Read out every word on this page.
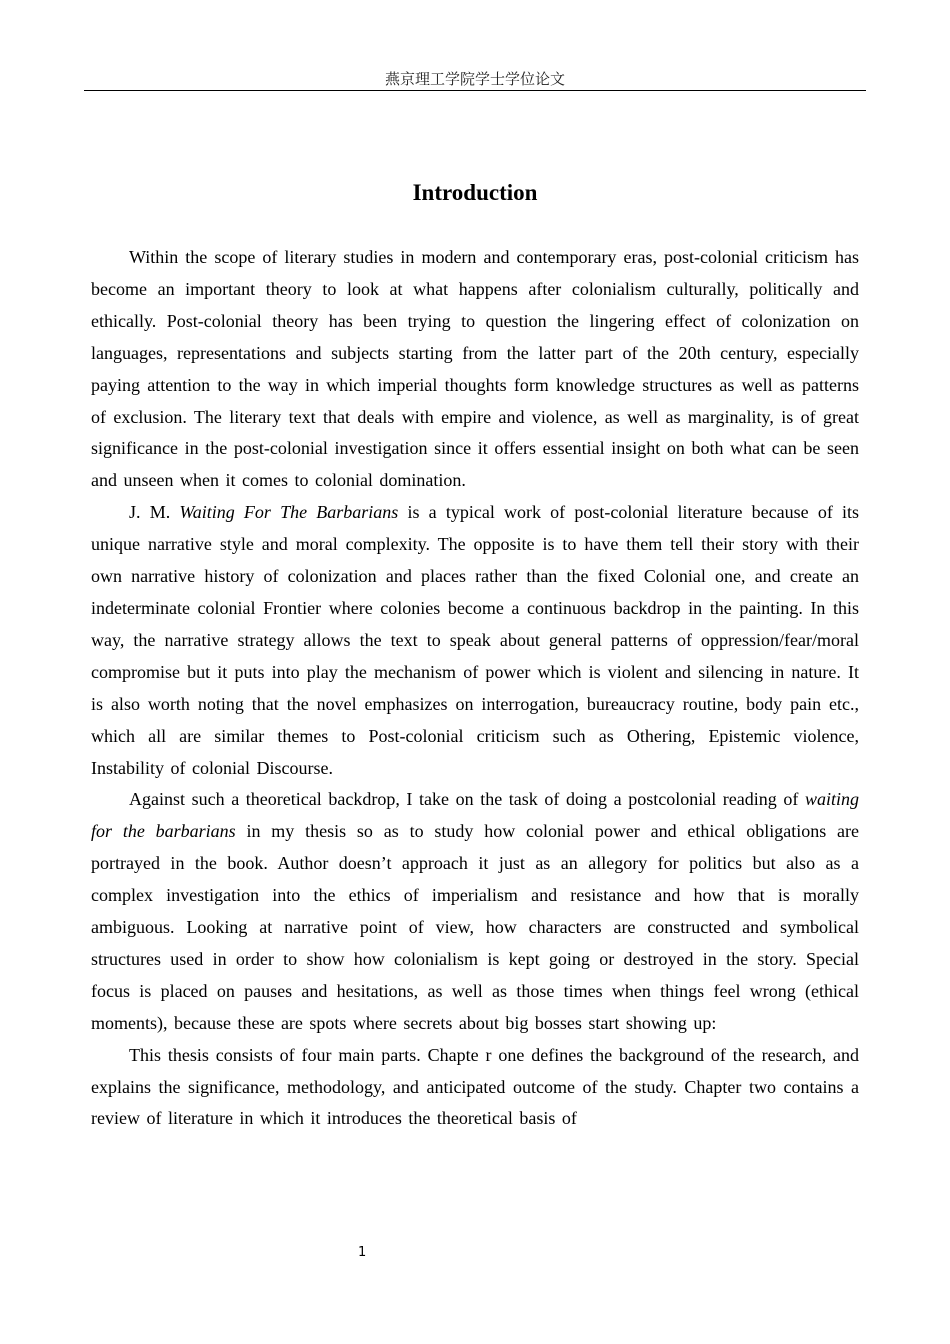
燕京理工学院学士学位论文
Introduction

Within the scope of literary studies in modern and contemporary eras, post-colonial criticism has become an important theory to look at what happens after colonialism culturally, politically and ethically. Post-colonial theory has been trying to question the lingering effect of colonization on languages, representations and subjects starting from the latter part of the 20th century, especially paying attention to the way in which imperial thoughts form knowledge structures as well as patterns of exclusion. The literary text that deals with empire and violence, as well as marginality, is of great significance in the post-colonial investigation since it offers essential insight on both what can be seen and unseen when it comes to colonial domination.

J. M. Waiting For The Barbarians is a typical work of post-colonial literature because of its unique narrative style and moral complexity. The opposite is to have them tell their story with their own narrative history of colonization and places rather than the fixed Colonial one, and create an indeterminate colonial Frontier where colonies become a continuous backdrop in the painting. In this way, the narrative strategy allows the text to speak about general patterns of oppression/fear/moral compromise but it puts into play the mechanism of power which is violent and silencing in nature. It is also worth noting that the novel emphasizes on interrogation, bureaucracy routine, body pain etc., which all are similar themes to Post-colonial criticism such as Othering, Epistemic violence, Instability of colonial Discourse.

Against such a theoretical backdrop, I take on the task of doing a postcolonial reading of waiting for the barbarians in my thesis so as to study how colonial power and ethical obligations are portrayed in the book. Author doesn’t approach it just as an allegory for politics but also as a complex investigation into the ethics of imperialism and resistance and how that is morally ambiguous. Looking at narrative point of view, how characters are constructed and symbolical structures used in order to show how colonialism is kept going or destroyed in the story. Special focus is placed on pauses and hesitations, as well as those times when things feel wrong (ethical moments), because these are spots where secrets about big bosses start showing up:

This thesis consists of four main parts. Chapte r one defines the background of the research, and explains the significance, methodology, and anticipated outcome of the study. Chapter two contains a review of literature in which it introduces the theoretical basis of

1
